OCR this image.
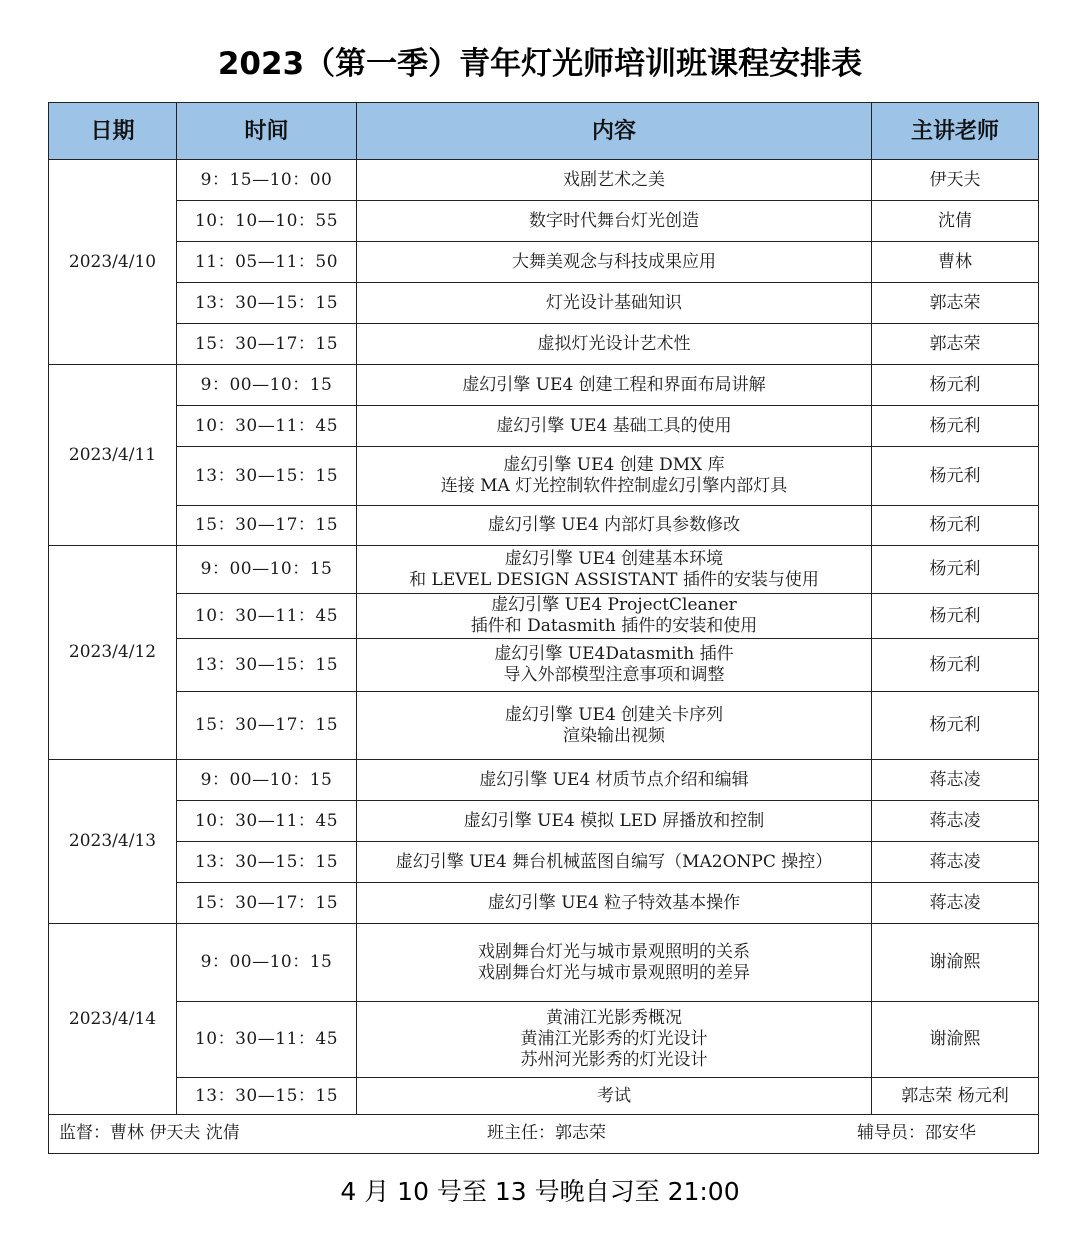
2023（第一季）青年灯光师培训班课程安排表
日期	时间	内容	主讲老师
2023/4/10	9：15—10：00	戏剧艺术之美	伊天夫
	10：10—10：55	数字时代舞台灯光创造	沈倩
	11：05—11：50	大舞美观念与科技成果应用	曹林
	13：30—15：15	灯光设计基础知识	郭志荣
	15：30—17：15	虚拟灯光设计艺术性	郭志荣
2023/4/11	9：00—10：15	虚幻引擎 UE4 创建工程和界面布局讲解	杨元利
	10：30—11：45	虚幻引擎 UE4 基础工具的使用	杨元利
	13：30—15：15	虚幻引擎 UE4 创建 DMX 库
连接 MA 灯光控制软件控制虚幻引擎内部灯具	杨元利
	15：30—17：15	虚幻引擎 UE4 内部灯具参数修改	杨元利
2023/4/12	9：00—10：15	虚幻引擎 UE4 创建基本环境
和 LEVEL DESIGN ASSISTANT 插件的安装与使用	杨元利
	10：30—11：45	虚幻引擎 UE4 ProjectCleaner
插件和 Datasmith 插件的安装和使用	杨元利
	13：30—15：15	虚幻引擎 UE4Datasmith 插件
导入外部模型注意事项和调整	杨元利
	15：30—17：15	虚幻引擎 UE4 创建关卡序列
渲染输出视频	杨元利
2023/4/13	9：00—10：15	虚幻引擎 UE4 材质节点介绍和编辑	蒋志凌
	10：30—11：45	虚幻引擎 UE4 模拟 LED 屏播放和控制	蒋志凌
	13：30—15：15	虚幻引擎 UE4 舞台机械蓝图自编写（MA2ONPC 操控）	蒋志凌
	15：30—17：15	虚幻引擎 UE4 粒子特效基本操作	蒋志凌
2023/4/14	9：00—10：15	戏剧舞台灯光与城市景观照明的关系
戏剧舞台灯光与城市景观照明的差异	谢渝熙
	10：30—11：45	黄浦江光影秀概况
黄浦江光影秀的灯光设计
苏州河光影秀的灯光设计	谢渝熙
	13：30—15：15	考试	郭志荣 杨元利

监督：曹林 伊天夫 沈倩 班主任：郭志荣 辅导员：邵安华			
4 月 10 号至 13 号晚自习至 21:00
